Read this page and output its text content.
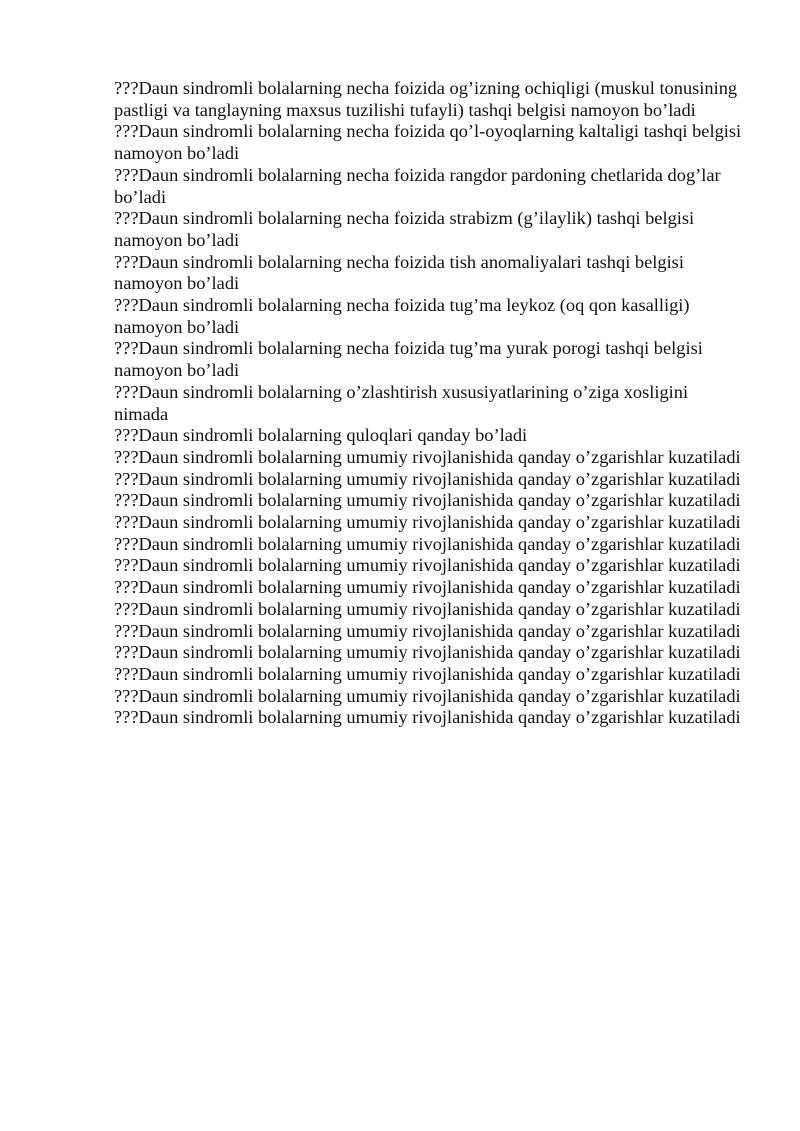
???Daun sindromli bolalarning necha foizida og’izning ochiqligi (muskul tonusining pastligi va tanglayning maxsus tuzilishi tufayli) tashqi belgisi namoyon bo’ladi

???Daun sindromli bolalarning necha foizida qo’l-oyoqlarning kaltaligi tashqi belgisi namoyon bo’ladi

???Daun sindromli bolalarning necha foizida rangdor pardoning chetlarida dog’lar bo’ladi

???Daun sindromli bolalarning necha foizida strabizm (g’ilaylik) tashqi belgisi namoyon bo’ladi

???Daun sindromli bolalarning necha foizida tish anomaliyalari tashqi belgisi namoyon bo’ladi

???Daun sindromli bolalarning necha foizida tug’ma leykoz (oq qon kasalligi) namoyon bo’ladi

???Daun sindromli bolalarning necha foizida tug’ma yurak porogi tashqi belgisi namoyon bo’ladi

???Daun sindromli bolalarning o’zlashtirish xususiyatlarining o’ziga xosligini nimada

???Daun sindromli bolalarning quloqlari qanday bo’ladi

???Daun sindromli bolalarning umumiy rivojlanishida qanday o’zgarishlar kuzatiladi

???Daun sindromli bolalarning umumiy rivojlanishida qanday o’zgarishlar kuzatiladi

???Daun sindromli bolalarning umumiy rivojlanishida qanday o’zgarishlar kuzatiladi

???Daun sindromli bolalarning umumiy rivojlanishida qanday o’zgarishlar kuzatiladi

???Daun sindromli bolalarning umumiy rivojlanishida qanday o’zgarishlar kuzatiladi

???Daun sindromli bolalarning umumiy rivojlanishida qanday o’zgarishlar kuzatiladi

???Daun sindromli bolalarning umumiy rivojlanishida qanday o’zgarishlar kuzatiladi

???Daun sindromli bolalarning umumiy rivojlanishida qanday o’zgarishlar kuzatiladi

???Daun sindromli bolalarning umumiy rivojlanishida qanday o’zgarishlar kuzatiladi

???Daun sindromli bolalarning umumiy rivojlanishida qanday o’zgarishlar kuzatiladi

???Daun sindromli bolalarning umumiy rivojlanishida qanday o’zgarishlar kuzatiladi

???Daun sindromli bolalarning umumiy rivojlanishida qanday o’zgarishlar kuzatiladi

???Daun sindromli bolalarning umumiy rivojlanishida qanday o’zgarishlar kuzatiladi
